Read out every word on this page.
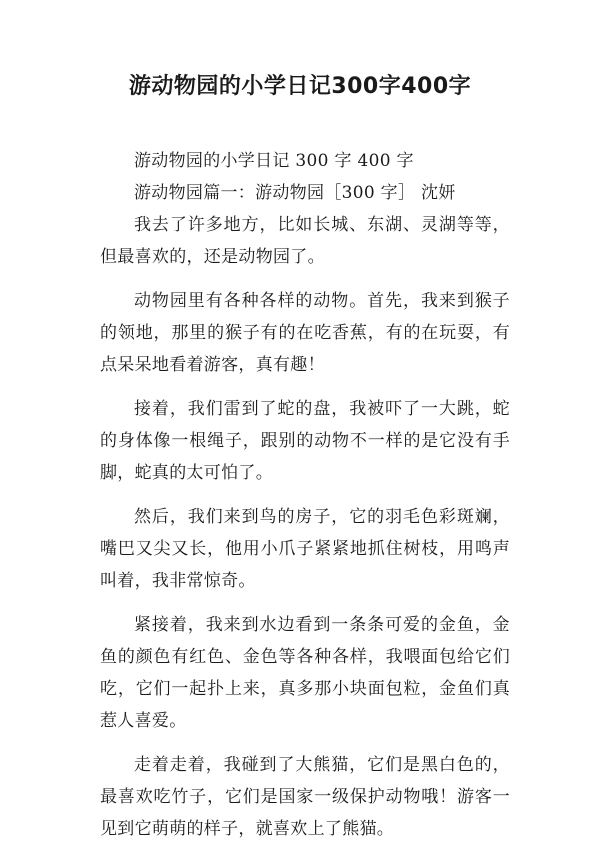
游动物园的小学日记300字400字

游动物园的小学日记 300 字 400 字

游动物园篇一：游动物园［300 字］ 沈妍

我去了许多地方，比如长城、东湖、灵湖等等，但最喜欢的，还是动物园了。

动物园里有各种各样的动物。首先，我来到猴子的领地，那里的猴子有的在吃香蕉，有的在玩耍，有点呆呆地看着游客，真有趣！

接着，我们雷到了蛇的盘，我被吓了一大跳，蛇的身体像一根绳子，跟别的动物不一样的是它没有手脚，蛇真的太可怕了。

然后，我们来到鸟的房子，它的羽毛色彩斑斓，嘴巴又尖又长，他用小爪子紧紧地抓住树枝，用鸣声叫着，我非常惊奇。

紧接着，我来到水边看到一条条可爱的金鱼，金鱼的颜色有红色、金色等各种各样，我喂面包给它们吃，它们一起扑上来，真多那小块面包粒，金鱼们真惹人喜爱。

走着走着，我碰到了大熊猫，它们是黑白色的，最喜欢吃竹子，它们是国家一级保护动物哦！游客一见到它萌萌的样子，就喜欢上了熊猫。
